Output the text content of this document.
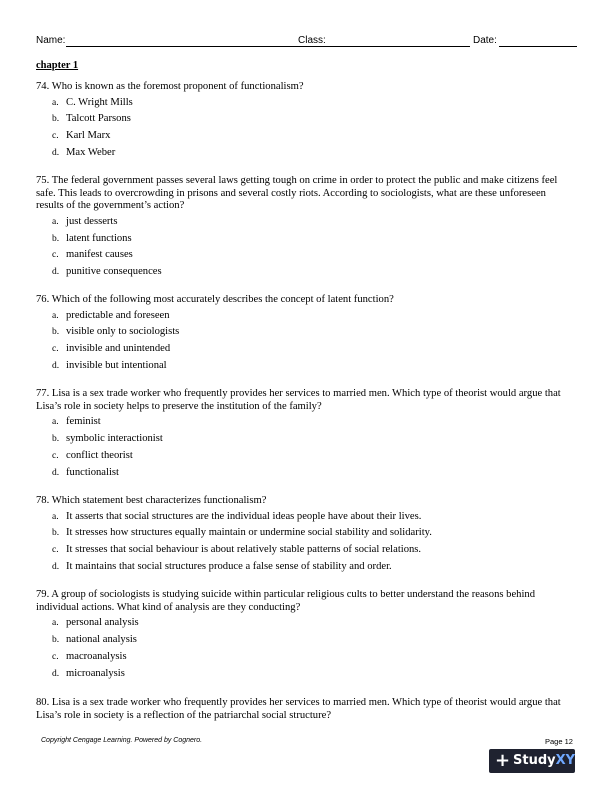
Name:	Class:	Date:
chapter 1

74. Who is known as the foremost proponent of functionalism?

a. C. Wright Mills
b. Talcott Parsons
c. Karl Marx
d. Max Weber

75. The federal government passes several laws getting tough on crime in order to protect the public and make citizens feel safe. This leads to overcrowding in prisons and several costly riots. According to sociologists, what are these unforeseen results of the government’s action?

a. just desserts
b. latent functions
c. manifest causes
d. punitive consequences

76. Which of the following most accurately describes the concept of latent function?

a. predictable and foreseen
b. visible only to sociologists
c. invisible and unintended
d. invisible but intentional

77. Lisa is a sex trade worker who frequently provides her services to married men. Which type of theorist would argue that Lisa’s role in society helps to preserve the institution of the family?

a. feminist
b. symbolic interactionist
c. conflict theorist
d. functionalist

78. Which statement best characterizes functionalism?

a. It asserts that social structures are the individual ideas people have about their lives.
b. It stresses how structures equally maintain or undermine social stability and solidarity.
c. It stresses that social behaviour is about relatively stable patterns of social relations.
d. It maintains that social structures produce a false sense of stability and order.

79. A group of sociologists is studying suicide within particular religious cults to better understand the reasons behind individual actions. What kind of analysis are they conducting?

a. personal analysis
b. national analysis
c. macroanalysis
d. microanalysis

80. Lisa is a sex trade worker who frequently provides her services to married men. Which type of theorist would argue that Lisa’s role in society is a reflection of the patriarchal social structure?

Copyright Cengage Learning. Powered by Cognero.	Page 12
+ StudyXY
